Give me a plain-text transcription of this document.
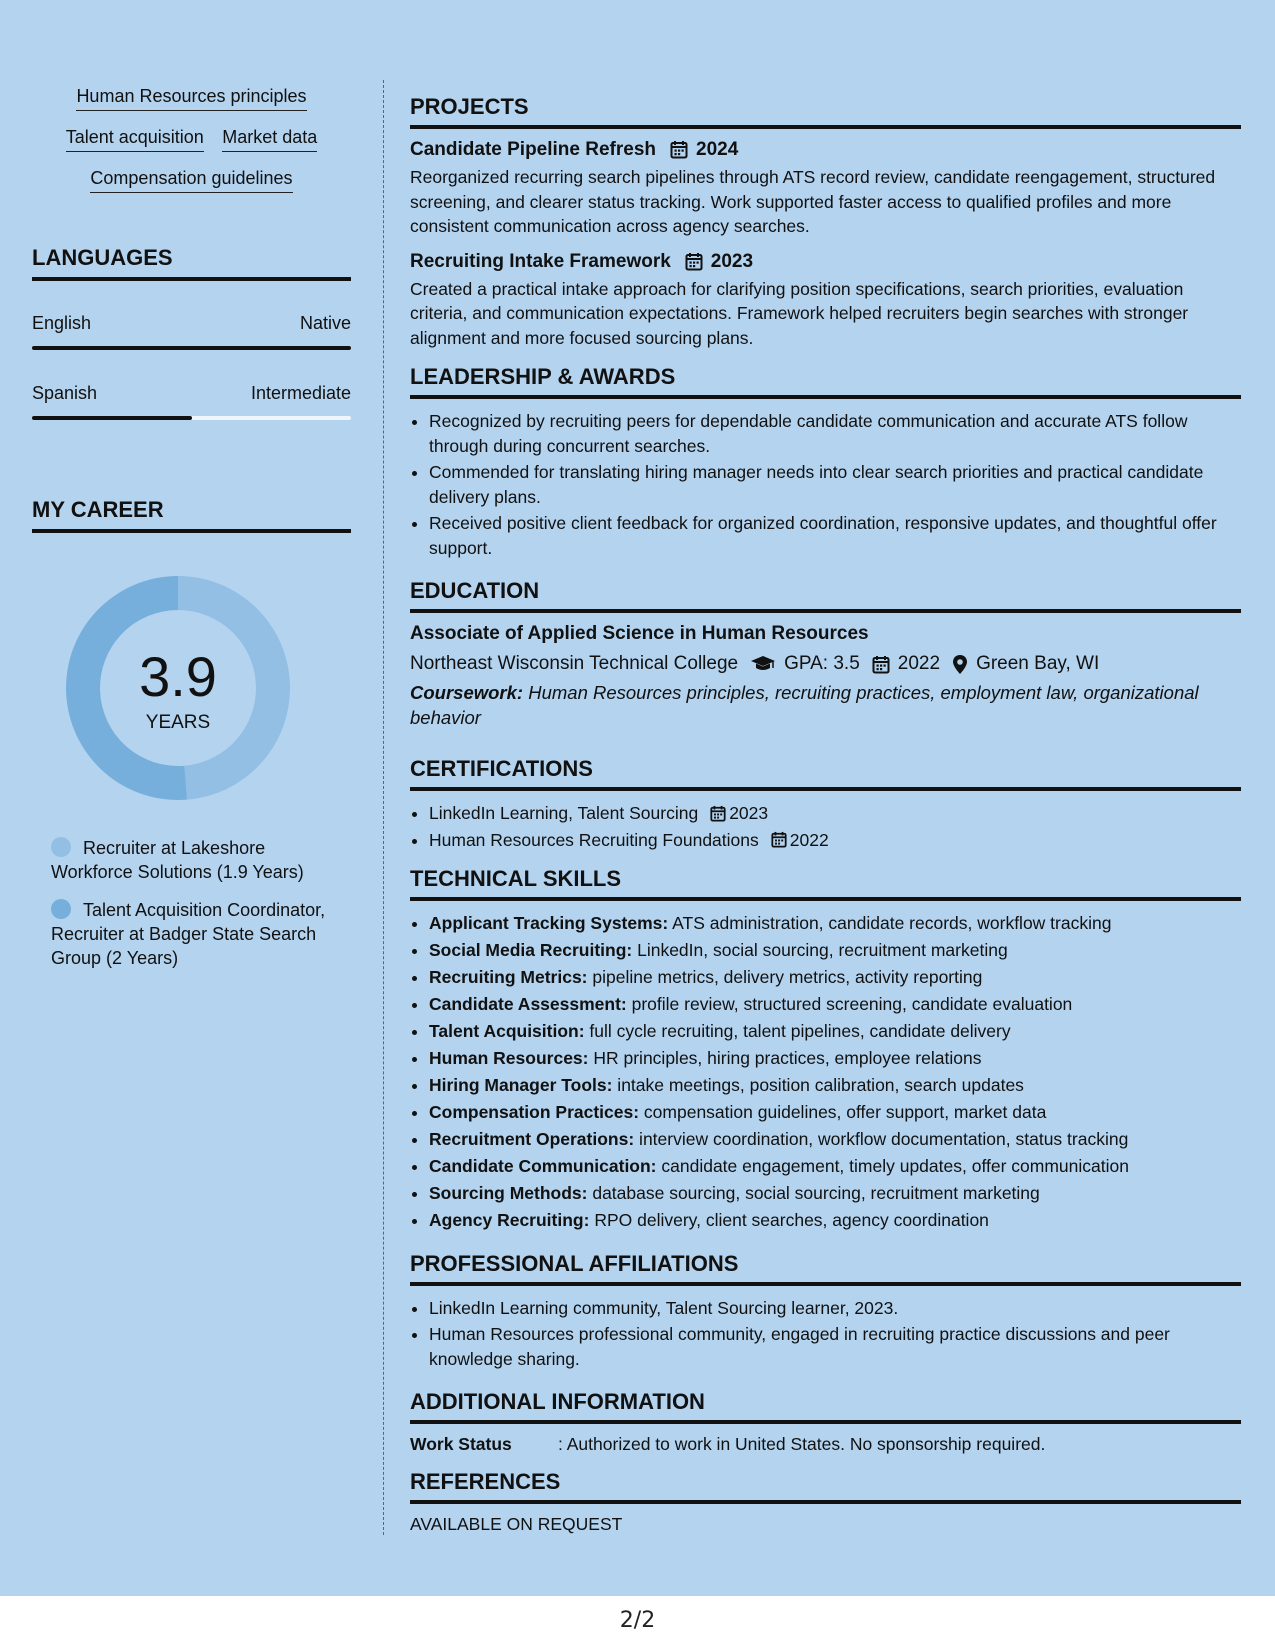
Human Resources principles
Talent acquisition Market data
Compensation guidelines
LANGUAGES
English	Native
Spanish	Intermediate
MY CAREER
3.9
YEARS
Recruiter at Lakeshore Workforce Solutions (1.9 Years)
Talent Acquisition Coordinator, Recruiter at Badger State Search Group (2 Years)
PROJECTS
Candidate Pipeline Refresh 2024
Reorganized recurring search pipelines through ATS record review, candidate reengagement, structured screening, and clearer status tracking. Work supported faster access to qualified profiles and more consistent communication across agency searches.
Recruiting Intake Framework 2023
Created a practical intake approach for clarifying position specifications, search priorities, evaluation criteria, and communication expectations. Framework helped recruiters begin searches with stronger alignment and more focused sourcing plans.
LEADERSHIP & AWARDS
• Recognized by recruiting peers for dependable candidate communication and accurate ATS follow through during concurrent searches.
• Commended for translating hiring manager needs into clear search priorities and practical candidate delivery plans.
• Received positive client feedback for organized coordination, responsive updates, and thoughtful offer support.
EDUCATION
Associate of Applied Science in Human Resources
Northeast Wisconsin Technical College GPA: 3.5 2022 Green Bay, WI
Coursework: Human Resources principles, recruiting practices, employment law, organizational behavior
CERTIFICATIONS
• LinkedIn Learning, Talent Sourcing 2023
• Human Resources Recruiting Foundations 2022
TECHNICAL SKILLS
• Applicant Tracking Systems: ATS administration, candidate records, workflow tracking
• Social Media Recruiting: LinkedIn, social sourcing, recruitment marketing
• Recruiting Metrics: pipeline metrics, delivery metrics, activity reporting
• Candidate Assessment: profile review, structured screening, candidate evaluation
• Talent Acquisition: full cycle recruiting, talent pipelines, candidate delivery
• Human Resources: HR principles, hiring practices, employee relations
• Hiring Manager Tools: intake meetings, position calibration, search updates
• Compensation Practices: compensation guidelines, offer support, market data
• Recruitment Operations: interview coordination, workflow documentation, status tracking
• Candidate Communication: candidate engagement, timely updates, offer communication
• Sourcing Methods: database sourcing, social sourcing, recruitment marketing
• Agency Recruiting: RPO delivery, client searches, agency coordination
PROFESSIONAL AFFILIATIONS
• LinkedIn Learning community, Talent Sourcing learner, 2023.
• Human Resources professional community, engaged in recruiting practice discussions and peer knowledge sharing.
ADDITIONAL INFORMATION
Work Status	: Authorized to work in United States. No sponsorship required.
REFERENCES
AVAILABLE ON REQUEST
2/2
